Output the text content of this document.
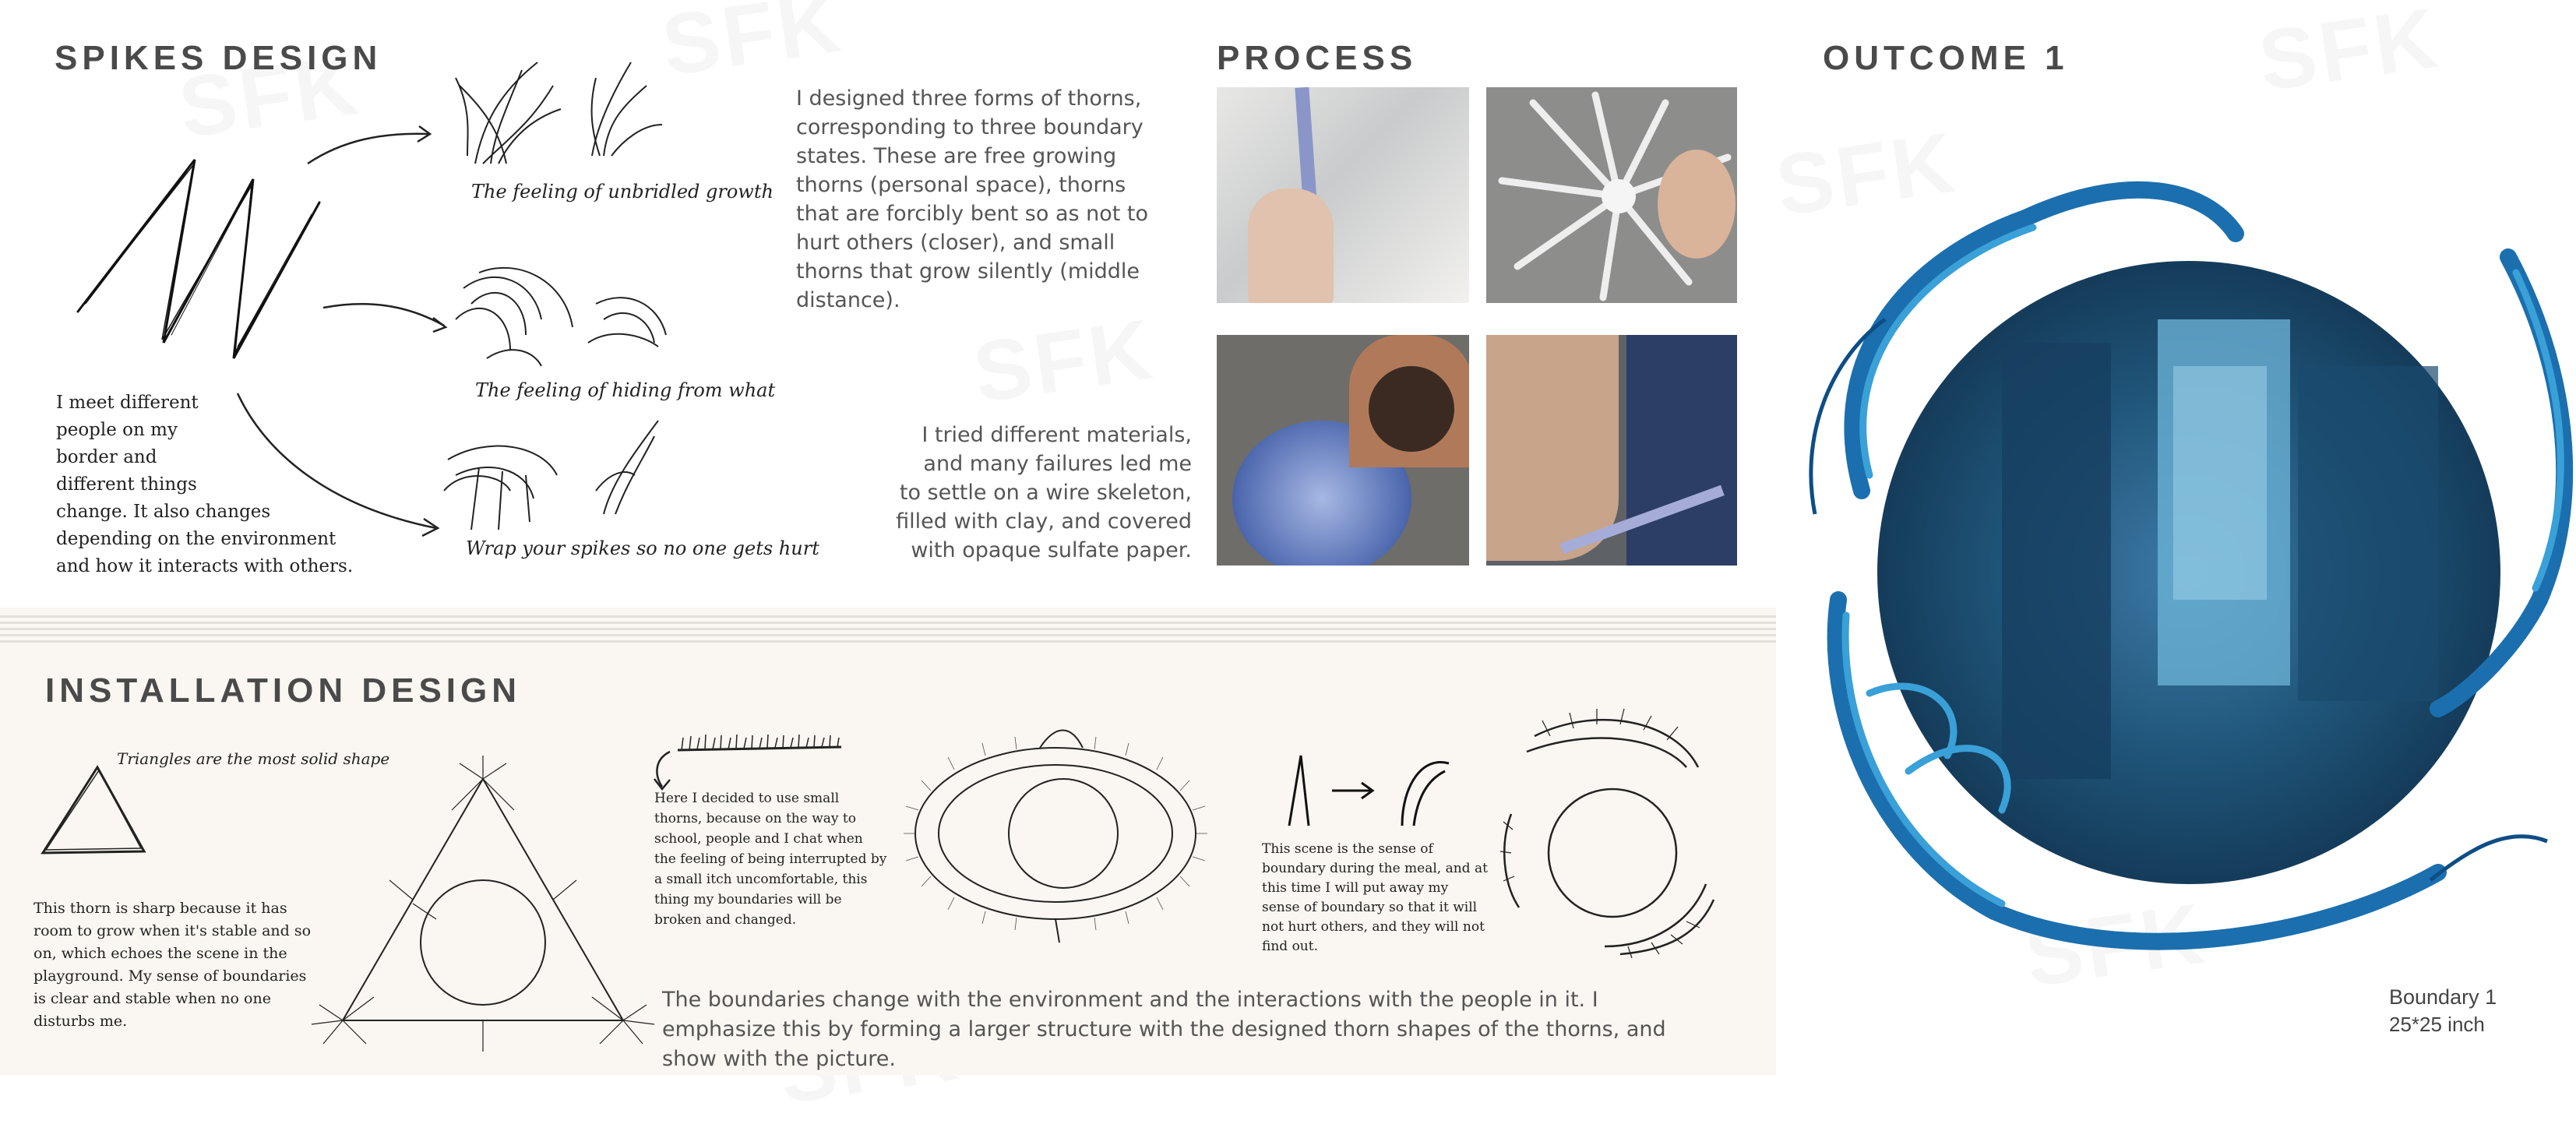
SPIKES DESIGN
The feeling of unbridled growth
The feeling of hiding from what
Wrap your spikes so no one gets hurt
I meet different
people on my
border and
different things
change. It also changes
depending on the environment
and how it interacts with others.
I designed three forms of thorns, corresponding to three boundary states. These are free growing thorns (personal space), thorns that are forcibly bent so as not to hurt others (closer), and small thorns that grow silently (middle distance).
PROCESS
I tried different materials, and many failures led me to settle on a wire skeleton, filled with clay, and covered with opaque sulfate paper.
OUTCOME 1
Boundary 1
25*25 inch
INSTALLATION DESIGN
Triangles are the most solid shape
This thorn is sharp because it has room to grow when it's stable and so on, which echoes the scene in the playground. My sense of boundaries is clear and stable when no one disturbs me.
Here I decided to use small thorns, because on the way to school, people and I chat when the feeling of being interrupted by a small itch uncomfortable, this thing my boundaries will be broken and changed.
This scene is the sense of boundary during the meal, and at this time I will put away my sense of boundary so that it will not hurt others, and they will not find out.
The boundaries change with the environment and the interactions with the people in it. I emphasize this by forming a larger structure with the designed thorn shapes of the thorns, and show with the picture.
